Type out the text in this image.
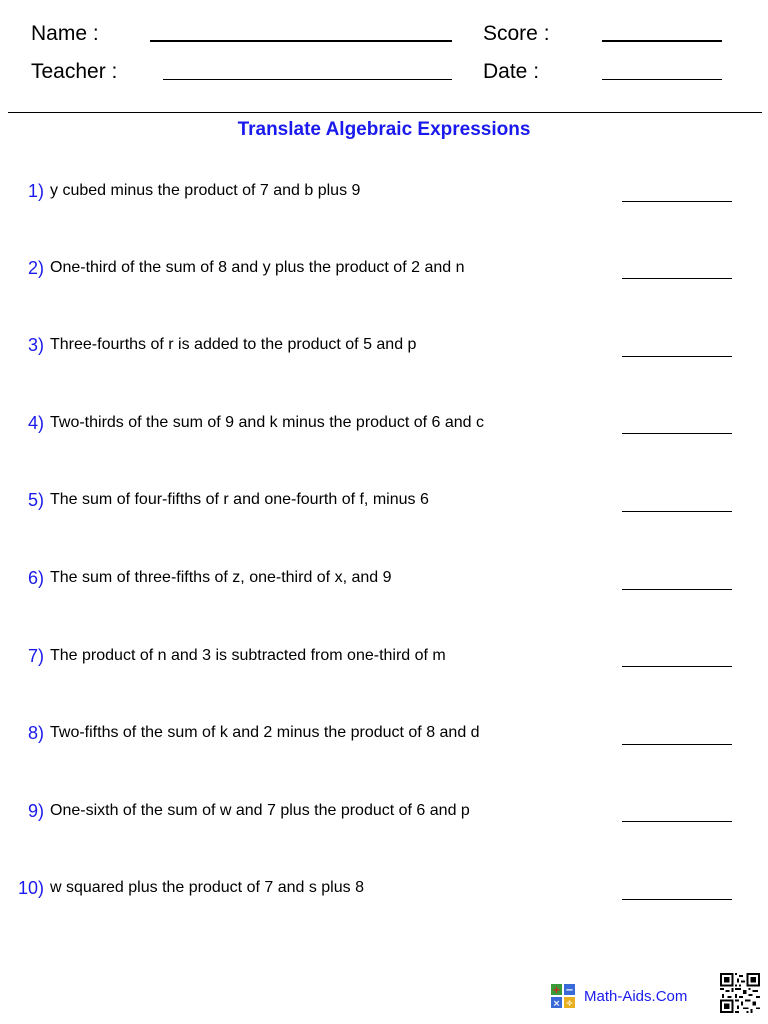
Name :	Score :
Teacher :	Date :
Translate Algebraic Expressions
1) y cubed minus the product of 7 and b plus 9
2) One-third of the sum of 8 and y plus the product of 2 and n
3) Three-fourths of r is added to the product of 5 and p
4) Two-thirds of the sum of 9 and k minus the product of 6 and c
5) The sum of four-fifths of r and one-fourth of f, minus 6
6) The sum of three-fifths of z, one-third of x, and 9
7) The product of n and 3 is subtracted from one-third of m
8) Two-fifths of the sum of k and 2 minus the product of 8 and d
9) One-sixth of the sum of w and 7 plus the product of 6 and p
10) w squared plus the product of 7 and s plus 8
+ −
× ÷ Math-Aids.Com
